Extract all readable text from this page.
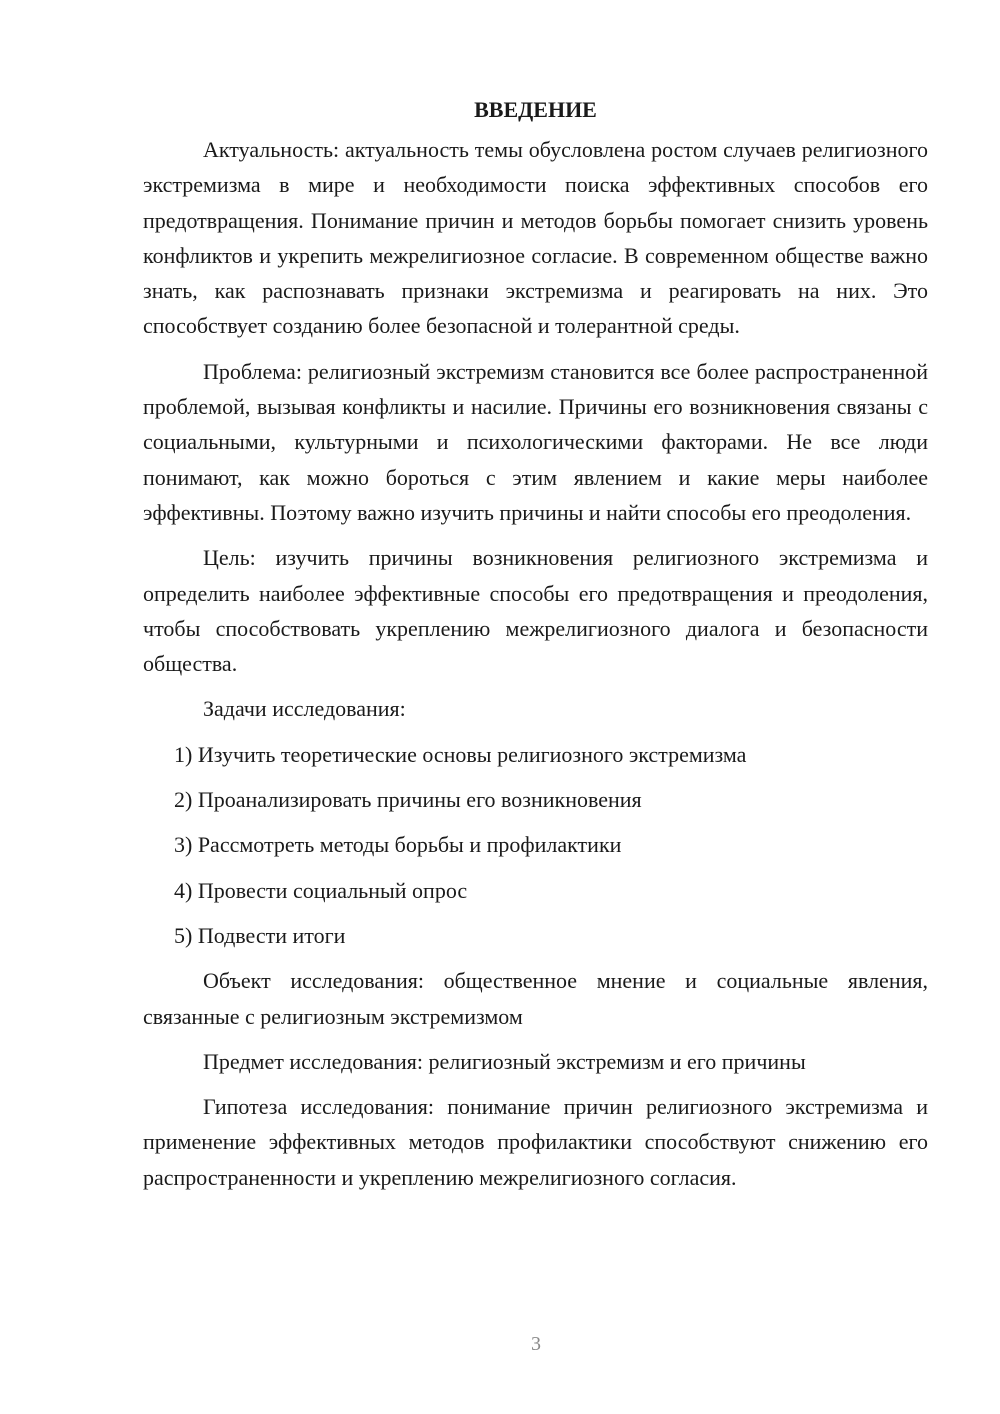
ВВЕДЕНИЕ

Актуальность: актуальность темы обусловлена ростом случаев религиозного экстремизма в мире и необходимости поиска эффективных способов его предотвращения. Понимание причин и методов борьбы помогает снизить уровень конфликтов и укрепить межрелигиозное согласие. В современном обществе важно знать, как распознавать признаки экстремизма и реагировать на них. Это способствует созданию более безопасной и толерантной среды.

Проблема: религиозный экстремизм становится все более распространенной проблемой, вызывая конфликты и насилие. Причины его возникновения связаны с социальными, культурными и психологическими факторами. Не все люди понимают, как можно бороться с этим явлением и какие меры наиболее эффективны. Поэтому важно изучить причины и найти способы его преодоления.

Цель: изучить причины возникновения религиозного экстремизма и определить наиболее эффективные способы его предотвращения и преодоления, чтобы способствовать укреплению межрелигиозного диалога и безопасности общества.

Задачи исследования:

1) Изучить теоретические основы религиозного экстремизма
2) Проанализировать причины его возникновения
3) Рассмотреть методы борьбы и профилактики
4) Провести социальный опрос
5) Подвести итоги

Объект исследования: общественное мнение и социальные явления, связанные с религиозным экстремизмом

Предмет исследования: религиозный экстремизм и его причины

Гипотеза исследования: понимание причин религиозного экстремизма и применение эффективных методов профилактики способствуют снижению его распространенности и укреплению межрелигиозного согласия.

3
